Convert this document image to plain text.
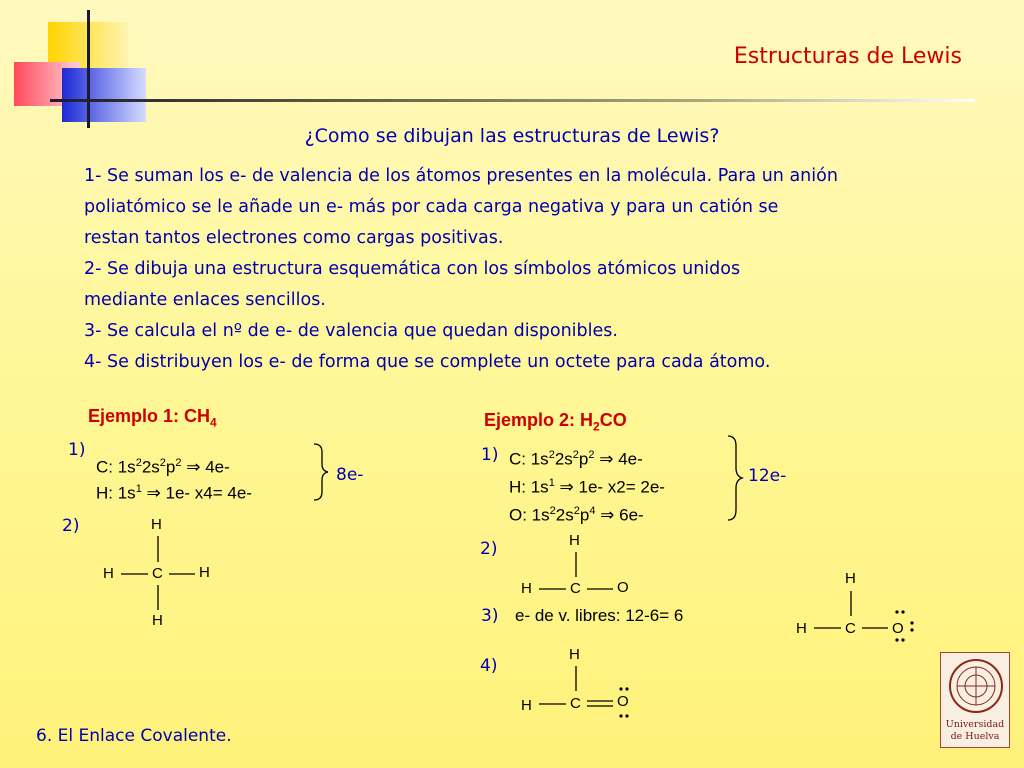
Estructuras de Lewis
¿Como se dibujan las estructuras de Lewis?

1- Se suman los e- de valencia de los átomos presentes en la molécula. Para un anión

poliatómico se le añade un e- más por cada carga negativa y para un catión se

restan tantos electrones como cargas positivas.

2- Se dibuja una estructura esquemática con los símbolos atómicos unidos

mediante enlaces sencillos.

3- Se calcula el nº de e- de valencia que quedan disponibles.

4- Se distribuyen los e- de forma que se complete un octete para cada átomo.

Ejemplo 1: $CH_4$
1)
C: $1s^22s^2p^2$ ⇒ 4e-
H: $1s^1$ ⇒ 1e- x4= 4e-
8e-
2)	H
H	C H
H
Ejemplo 2: $H_2CO$
1) C: $1s^22s^2p^2$ ⇒ 4e-
H: $1s^1$ ⇒ 1e- x2= 2e-
O: $1s^22s^2p^4$ ⇒ 6e-
12e-
2)	H
H	C O
3) e- de v. libres: 12-6= 6
H
H	C O
4)
H
H	C O
6. El Enlace Covalente.
Universidad
de Huelva
